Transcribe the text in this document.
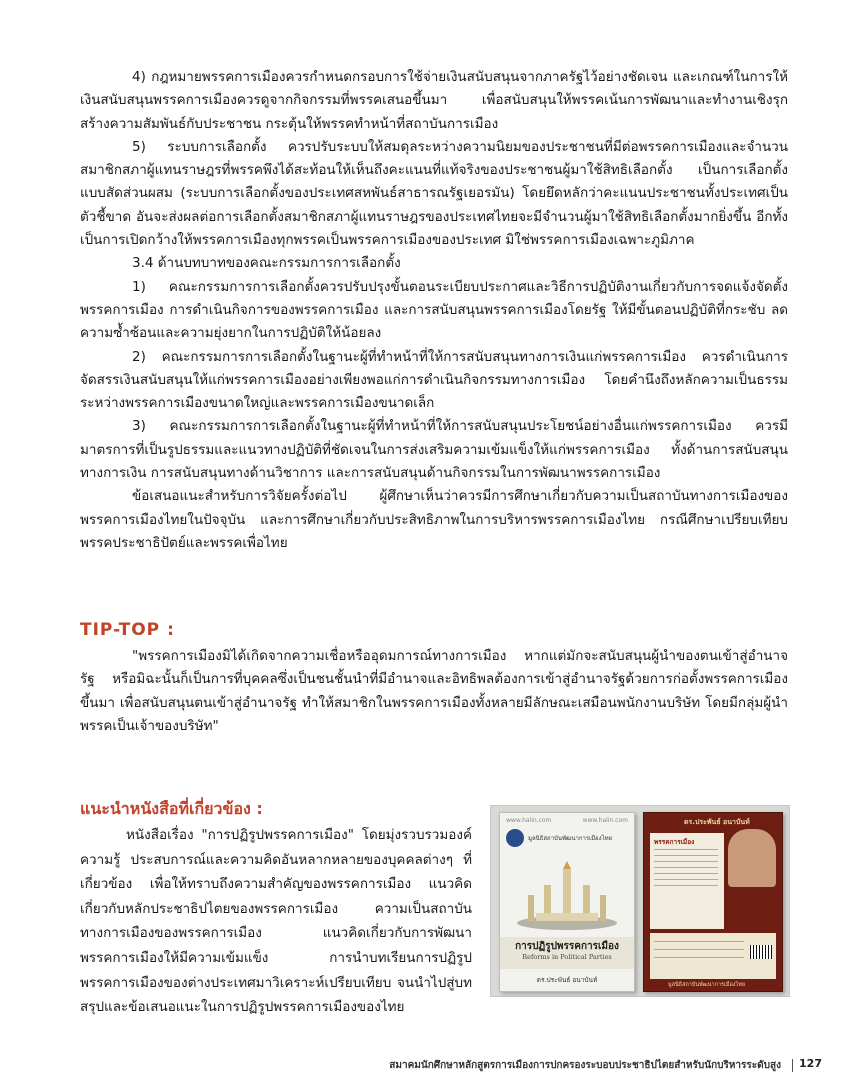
4) กฎหมายพรรคการเมืองควรกำหนดกรอบการใช้จ่ายเงินสนับสนุนจากภาครัฐไว้อย่างชัดเจน และเกณฑ์ในการให้เงินสนับสนุนพรรคการเมืองควรดูจากกิจกรรมที่พรรคเสนอขึ้นมา เพื่อสนับสนุนให้พรรคเน้นการพัฒนาและทำงานเชิงรุก สร้างความสัมพันธ์กับประชาชน กระตุ้นให้พรรคทำหน้าที่สถาบันการเมือง

5) ระบบการเลือกตั้ง ควรปรับระบบให้สมดุลระหว่างความนิยมของประชาชนที่มีต่อพรรคการเมืองและจำนวนสมาชิกสภาผู้แทนราษฎรที่พรรคพึงได้สะท้อนให้เห็นถึงคะแนนที่แท้จริงของประชาชนผู้มาใช้สิทธิเลือกตั้ง เป็นการเลือกตั้งแบบสัดส่วนผสม (ระบบการเลือกตั้งของประเทศสหพันธ์สาธารณรัฐเยอรมัน) โดยยึดหลักว่าคะแนนประชาชนทั้งประเทศเป็นตัวชี้ขาด อันจะส่งผลต่อการเลือกตั้งสมาชิกสภาผู้แทนราษฎรของประเทศไทยจะมีจำนวนผู้มาใช้สิทธิเลือกตั้งมากยิ่งขึ้น อีกทั้งเป็นการเปิดกว้างให้พรรคการเมืองทุกพรรคเป็นพรรคการเมืองของประเทศ มิใช่พรรคการเมืองเฉพาะภูมิภาค

3.4 ด้านบทบาทของคณะกรรมการการเลือกตั้ง

1) คณะกรรมการการเลือกตั้งควรปรับปรุงขั้นตอนระเบียบประกาศและวิธีการปฏิบัติงานเกี่ยวกับการจดแจ้งจัดตั้งพรรคการเมือง การดำเนินกิจการของพรรคการเมือง และการสนับสนุนพรรคการเมืองโดยรัฐ ให้มีขั้นตอนปฏิบัติที่กระชับ ลดความซ้ำซ้อนและความยุ่งยากในการปฏิบัติให้น้อยลง

2) คณะกรรมการการเลือกตั้งในฐานะผู้ที่ทำหน้าที่ให้การสนับสนุนทางการเงินแก่พรรคการเมือง ควรดำเนินการจัดสรรเงินสนับสนุนให้แก่พรรคการเมืองอย่างเพียงพอแก่การดำเนินกิจกรรมทางการเมือง โดยคำนึงถึงหลักความเป็นธรรมระหว่างพรรคการเมืองขนาดใหญ่และพรรคการเมืองขนาดเล็ก

3) คณะกรรมการการเลือกตั้งในฐานะผู้ที่ทำหน้าที่ให้การสนับสนุนประโยชน์อย่างอื่นแก่พรรคการเมือง ควรมีมาตรการที่เป็นรูปธรรมและแนวทางปฏิบัติที่ชัดเจนในการส่งเสริมความเข้มแข็งให้แก่พรรคการเมือง ทั้งด้านการสนับสนุนทางการเงิน การสนับสนุนทางด้านวิชาการ และการสนับสนุนด้านกิจกรรมในการพัฒนาพรรคการเมือง

ข้อเสนอแนะสำหรับการวิจัยครั้งต่อไป ผู้ศึกษาเห็นว่าควรมีการศึกษาเกี่ยวกับความเป็นสถาบันทางการเมืองของพรรคการเมืองไทยในปัจจุบัน และการศึกษาเกี่ยวกับประสิทธิภาพในการบริหารพรรคการเมืองไทย กรณีศึกษาเปรียบเทียบพรรคประชาธิปัตย์และพรรคเพื่อไทย

TIP-TOP :

"พรรคการเมืองมิได้เกิดจากความเชื่อหรืออุดมการณ์ทางการเมือง หากแต่มักจะสนับสนุนผู้นำของตนเข้าสู่อำนาจรัฐ หรือมิฉะนั้นก็เป็นการที่บุคคลซึ่งเป็นชนชั้นนำที่มีอำนาจและอิทธิพลต้องการเข้าสู่อำนาจรัฐด้วยการก่อตั้งพรรคการเมืองขึ้นมา เพื่อสนับสนุนตนเข้าสู่อำนาจรัฐ ทำให้สมาชิกในพรรคการเมืองทั้งหลายมีลักษณะเสมือนพนักงานบริษัท โดยมีกลุ่มผู้นำพรรคเป็นเจ้าของบริษัท"

แนะนำหนังสือที่เกี่ยวข้อง :

หนังสือเรื่อง "การปฏิรูปพรรคการเมือง" โดยมุ่งรวบรวมองค์ความรู้ ประสบการณ์และความคิดอันหลากหลายของบุคคลต่างๆ ที่เกี่ยวข้อง เพื่อให้ทราบถึงความสำคัญของพรรคการเมือง แนวคิดเกี่ยวกับหลักประชาธิปไตยของพรรคการเมือง ความเป็นสถาบันทางการเมืองของพรรคการเมือง แนวคิดเกี่ยวกับการพัฒนาพรรคการเมืองให้มีความเข้มแข็ง การนำบทเรียนการปฏิรูปพรรคการเมืองของต่างประเทศมาวิเคราะห์เปรียบเทียบ จนนำไปสู่บทสรุปและข้อเสนอแนะในการปฏิรูปพรรคการเมืองของไทย

www.halin.com	www.halin.com
มูลนิธิสถาบันพัฒนาการเมืองไทย
การปฏิรูปพรรคการเมือง
Reforms in Political Parties
ดร.ประพันธ์ อนาบันท์
ดร.ประพันธ์ อนาบันท์
พรรคการเมือง
มูลนิธิสถาบันพัฒนาการเมืองไทย
สมาคมนักศึกษาหลักสูตรการเมืองการปกครองระบอบประชาธิปไตยสำหรับนักบริหารระดับสูง 127
